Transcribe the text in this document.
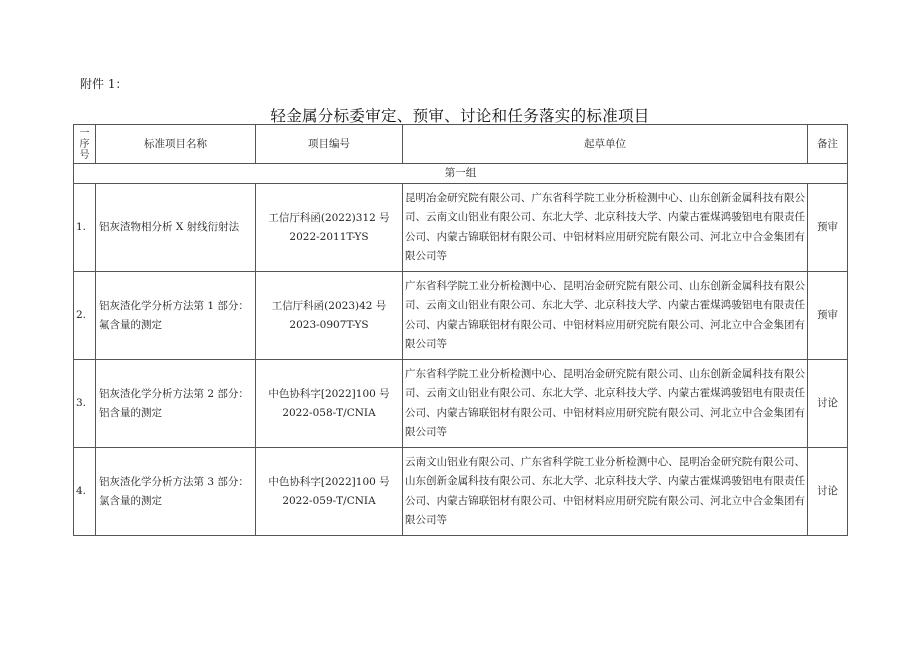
附件 1：
轻金属分标委审定、预审、讨论和任务落实的标准项目
一
序
号	标准项目名称	项目编号	起草单位	备注
第一组				
1.	铝灰渣物相分析 X 射线衍射法	工信厅科函(2022)312 号 2022-2011T-YS	昆明冶金研究院有限公司、广东省科学院工业分析检测中心、山东创新金属科技有限公司、云南文山铝业有限公司、东北大学、北京科技大学、内蒙古霍煤鸿骏铝电有限责任公司、内蒙古锦联铝材有限公司、中铝材料应用研究院有限公司、河北立中合金集团有限公司等	预审
2.	铝灰渣化学分析方法第 1 部分：氟含量的测定	工信厅科函(2023)42 号 2023-0907T-YS	广东省科学院工业分析检测中心、昆明冶金研究院有限公司、山东创新金属科技有限公司、云南文山铝业有限公司、东北大学、北京科技大学、内蒙古霍煤鸿骏铝电有限责任公司、内蒙古锦联铝材有限公司、中铝材料应用研究院有限公司、河北立中合金集团有限公司等	预审
3.	铝灰渣化学分析方法第 2 部分：铝含量的测定	中色协科字[2022]100 号 2022-058-T/CNIA	广东省科学院工业分析检测中心、昆明冶金研究院有限公司、山东创新金属科技有限公司、云南文山铝业有限公司、东北大学、北京科技大学、内蒙古霍煤鸿骏铝电有限责任公司、内蒙古锦联铝材有限公司、中铝材料应用研究院有限公司、河北立中合金集团有限公司等	讨论
4.	铝灰渣化学分析方法第 3 部分：氯含量的测定	中色协科字[2022]100 号 2022-059-T/CNIA	云南文山铝业有限公司、广东省科学院工业分析检测中心、昆明冶金研究院有限公司、山东创新金属科技有限公司、东北大学、北京科技大学、内蒙古霍煤鸿骏铝电有限责任公司、内蒙古锦联铝材有限公司、中铝材料应用研究院有限公司、河北立中合金集团有限公司等	讨论
